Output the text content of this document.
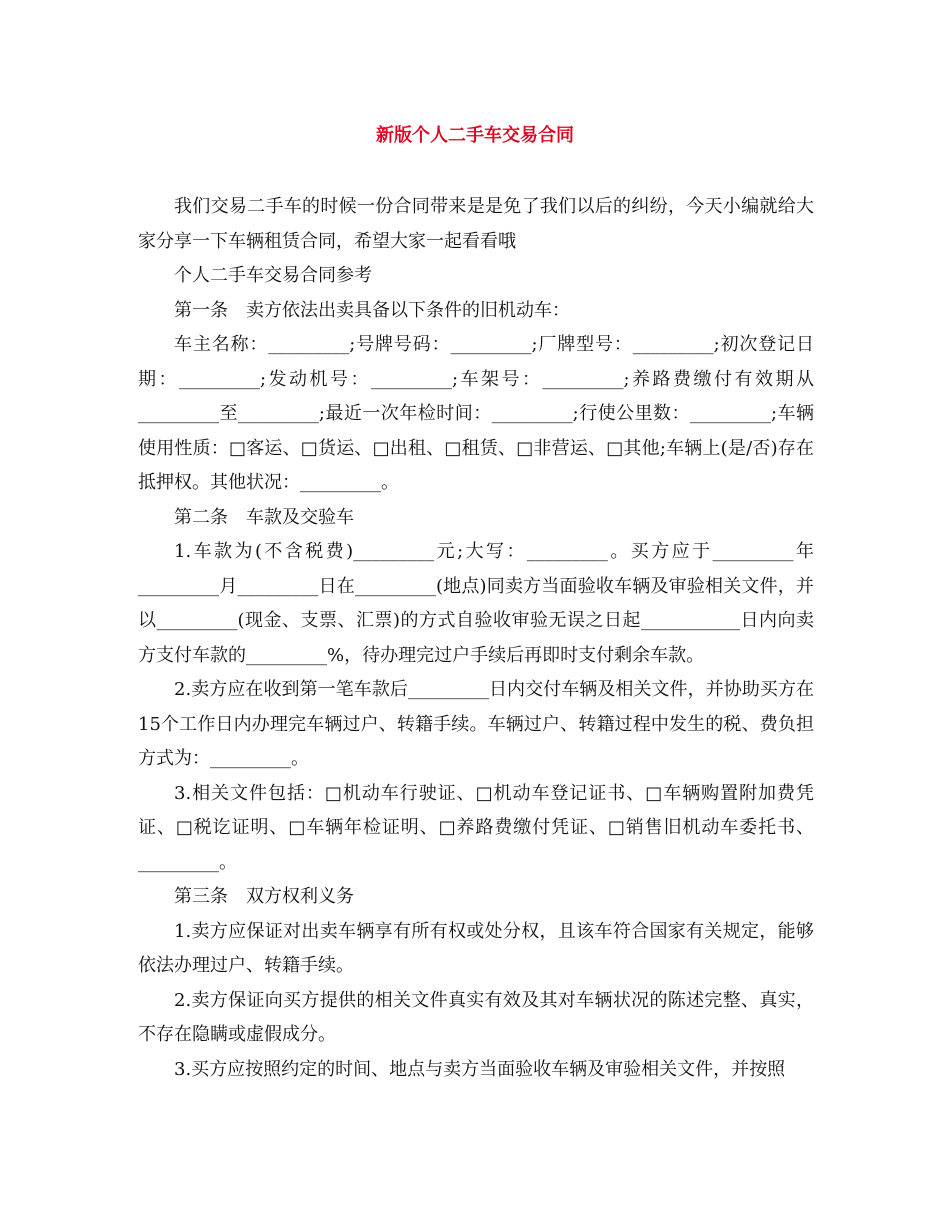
新版个人二手车交易合同

我们交易二手车的时候一份合同带来是是免了我们以后的纠纷，今天小编就给大家分享一下车辆租赁合同，希望大家一起看看哦

个人二手车交易合同参考

第一条　卖方依法出卖具备以下条件的旧机动车：

车主名称：_________;号牌号码：_________;厂牌型号：_________;初次登记日期：_________;发动机号：_________;车架号：_________;养路费缴付有效期从_________至_________;最近一次年检时间：_________;行使公里数：_________;车辆使用性质：□客运、□货运、□出租、□租赁、□非营运、□其他;车辆上(是/否)存在抵押权。其他状况：_________。

第二条　车款及交验车

1.车款为(不含税费)_________元;大写：_________。买方应于_________年_________月_________日在_________(地点)同卖方当面验收车辆及审验相关文件，并以_________(现金、支票、汇票)的方式自验收审验无误之日起___________日内向卖方支付车款的_________%，待办理完过户手续后再即时支付剩余车款。

2.卖方应在收到第一笔车款后_________日内交付车辆及相关文件，并协助买方在15个工作日内办理完车辆过户、转籍手续。车辆过户、转籍过程中发生的税、费负担方式为：_________。

3.相关文件包括：□机动车行驶证、□机动车登记证书、□车辆购置附加费凭证、□税讫证明、□车辆年检证明、□养路费缴付凭证、□销售旧机动车委托书、_________。

第三条　双方权利义务

1.卖方应保证对出卖车辆享有所有权或处分权，且该车符合国家有关规定，能够依法办理过户、转籍手续。

2.卖方保证向买方提供的相关文件真实有效及其对车辆状况的陈述完整、真实，不存在隐瞒或虚假成分。

3.买方应按照约定的时间、地点与卖方当面验收车辆及审验相关文件，并按照
